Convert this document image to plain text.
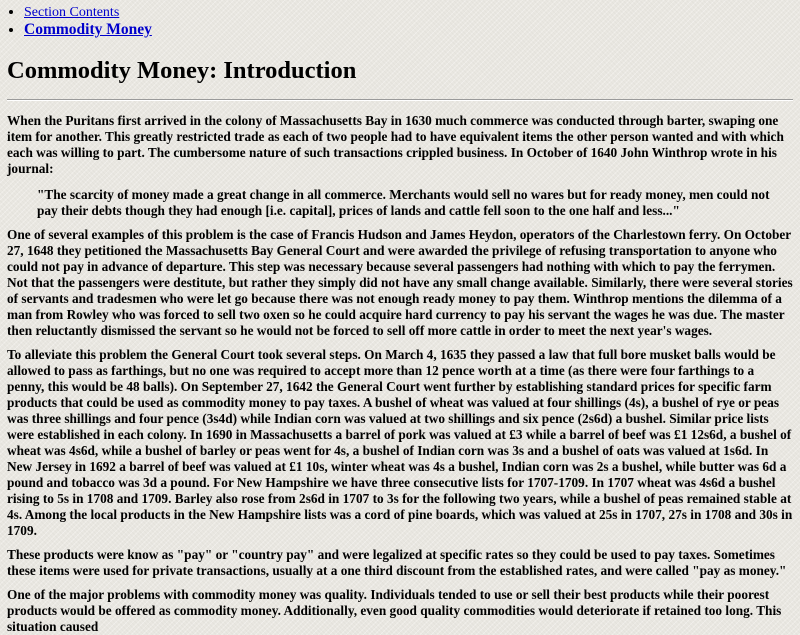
• Section Contents
• Commodity Money
Commodity Money: Introduction

When the Puritans first arrived in the colony of Massachusetts Bay in 1630 much commerce was conducted through barter, swaping one item for another. This greatly restricted trade as each of two people had to have equivalent items the other person wanted and with which each was willing to part. The cumbersome nature of such transactions crippled business. In October of 1640 John Winthrop wrote in his journal:

"The scarcity of money made a great change in all commerce. Merchants would sell no wares but for ready money, men could not pay their debts though they had enough [i.e. capital], prices of lands and cattle fell soon to the one half and less..."

One of several examples of this problem is the case of Francis Hudson and James Heydon, operators of the Charlestown ferry. On October 27, 1648 they petitioned the Massachusetts Bay General Court and were awarded the privilege of refusing transportation to anyone who could not pay in advance of departure. This step was necessary because several passengers had nothing with which to pay the ferrymen. Not that the passengers were destitute, but rather they simply did not have any small change available. Similarly, there were several stories of servants and tradesmen who were let go because there was not enough ready money to pay them. Winthrop mentions the dilemma of a man from Rowley who was forced to sell two oxen so he could acquire hard currency to pay his servant the wages he was due. The master then reluctantly dismissed the servant so he would not be forced to sell off more cattle in order to meet the next year's wages.

To alleviate this problem the General Court took several steps. On March 4, 1635 they passed a law that full bore musket balls would be allowed to pass as farthings, but no one was required to accept more than 12 pence worth at a time (as there were four farthings to a penny, this would be 48 balls). On September 27, 1642 the General Court went further by establishing standard prices for specific farm products that could be used as commodity money to pay taxes. A bushel of wheat was valued at four shillings (4s), a bushel of rye or peas was three shillings and four pence (3s4d) while Indian corn was valued at two shillings and six pence (2s6d) a bushel. Similar price lists were established in each colony. In 1690 in Massachusetts a barrel of pork was valued at £3 while a barrel of beef was £1 12s6d, a bushel of wheat was 4s6d, while a bushel of barley or peas went for 4s, a bushel of Indian corn was 3s and a bushel of oats was valued at 1s6d. In New Jersey in 1692 a barrel of beef was valued at £1 10s, winter wheat was 4s a bushel, Indian corn was 2s a bushel, while butter was 6d a pound and tobacco was 3d a pound. For New Hampshire we have three consecutive lists for 1707-1709. In 1707 wheat was 4s6d a bushel rising to 5s in 1708 and 1709. Barley also rose from 2s6d in 1707 to 3s for the following two years, while a bushel of peas remained stable at 4s. Among the local products in the New Hampshire lists was a cord of pine boards, which was valued at 25s in 1707, 27s in 1708 and 30s in 1709.

These products were know as "pay" or "country pay" and were legalized at specific rates so they could be used to pay taxes. Sometimes these items were used for private transactions, usually at a one third discount from the established rates, and were called "pay as money."

One of the major problems with commodity money was quality. Individuals tended to use or sell their best products while their poorest products would be offered as commodity money. Additionally, even good quality commodities would deteriorate if retained too long. This situation caused
